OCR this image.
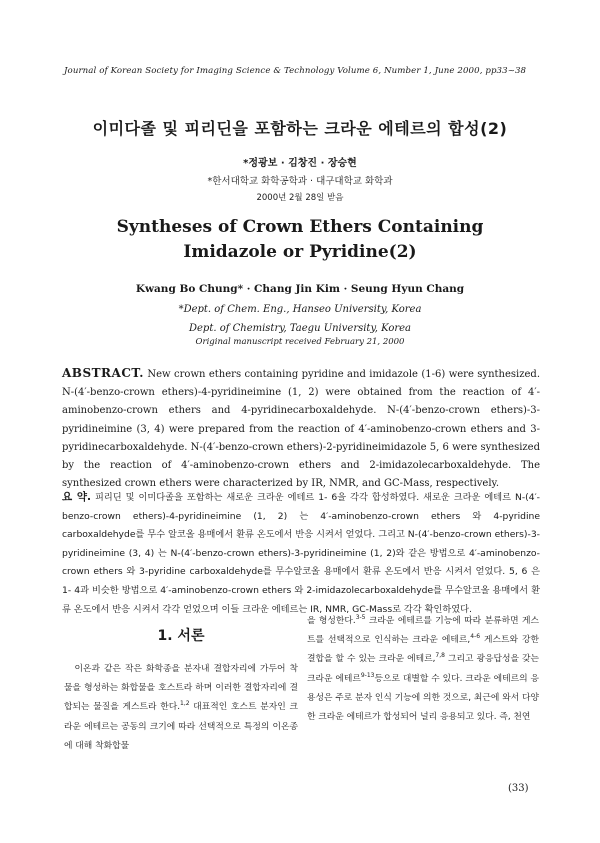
Journal of Korean Society for Imaging Science & Technology Volume 6, Number 1, June 2000, pp33~38
이미다졸 및 피리딘을 포함하는 크라운 에테르의 합성(2)
*정광보 · 김창진 · 장승현
*한서대학교 화학공학과 · 대구대학교 화학과
2000년 2월 28일 받음
Syntheses of Crown Ethers Containing
Imidazole or Pyridine(2)
Kwang Bo Chung* · Chang Jin Kim · Seung Hyun Chang
*Dept. of Chem. Eng., Hanseo University, Korea
Dept. of Chemistry, Taegu University, Korea
Original manuscript received February 21, 2000
ABSTRACT. New crown ethers containing pyridine and imidazole (1-6) were synthesized. N-(4′-benzo-crown ethers)-4-pyridineimine (1, 2) were obtained from the reaction of 4′-aminobenzo-crown ethers and 4-pyridinecarboxaldehyde. N-(4′-benzo-crown ethers)-3-pyridineimine (3, 4) were prepared from the reaction of 4′-aminobenzo-crown ethers and 3-pyridinecarboxaldehyde. N-(4′-benzo-crown ethers)-2-pyridineimidazole 5, 6 were synthesized by the reaction of 4′-aminobenzo-crown ethers and 2-imidazolecarboxaldehyde. The synthesized crown ethers were characterized by IR, NMR, and GC-Mass, respectively.
요 약. 피리딘 및 이미다졸을 포함하는 새로운 크라운 에테르 1- 6을 각각 합성하였다. 새로운 크라운 에테르 N-(4′-benzo-crown ethers)-4-pyridineimine (1, 2) 는 4′-aminobenzo-crown ethers 와 4-pyridine carboxaldehyde를 무수 알코올 용매에서 환류 온도에서 반응 시켜서 얻었다. 그리고 N-(4′-benzo-crown ethers)-3-pyridineimine (3, 4) 는 N-(4′-benzo-crown ethers)-3-pyridineimine (1, 2)와 같은 방법으로 4′-aminobenzo-crown ethers 와 3-pyridine carboxaldehyde를 무수알코올 용매에서 환류 온도에서 반응 시켜서 얻었다. 5, 6 은 1- 4과 비슷한 방법으로 4′-aminobenzo-crown ethers 와 2-imidazolecarboxaldehyde를 무수알코올 용매에서 환류 온도에서 반응 시켜서 각각 얻었으며 이들 크라운 에테르는 IR, NMR, GC-Mass로 각각 확인하였다.
1. 서론
이온과 같은 작은 화학종을 분자내 결합자리에 가두어 착물을 형성하는 화합물을 호스트라 하며 이러한 결합자리에 결합되는 물질을 게스트라 한다.$^{1,2}$ 대표적인 호스트 분자인 크라운 에테르는 공동의 크기에 따라 선택적으로 특정의 이온종에 대해 착화합물
을 형성한다.$^{3-5}$ 크라운 에테르를 기능에 따라 분류하면 게스트를 선택적으로 인식하는 크라운 에테르,$^{4-6}$ 게스트와 강한 결합을 할 수 있는 크라운 에테르,$^{7,8}$ 그리고 광응답성을 갖는 크라운 에테르$^{9-13}$등으로 대별할 수 있다. 크라운 에테르의 응용성은 주로 분자 인식 기능에 의한 것으로, 최근에 와서 다양한 크라운 에테르가 합성되어 널리 응용되고 있다. 즉, 천연
(33)
